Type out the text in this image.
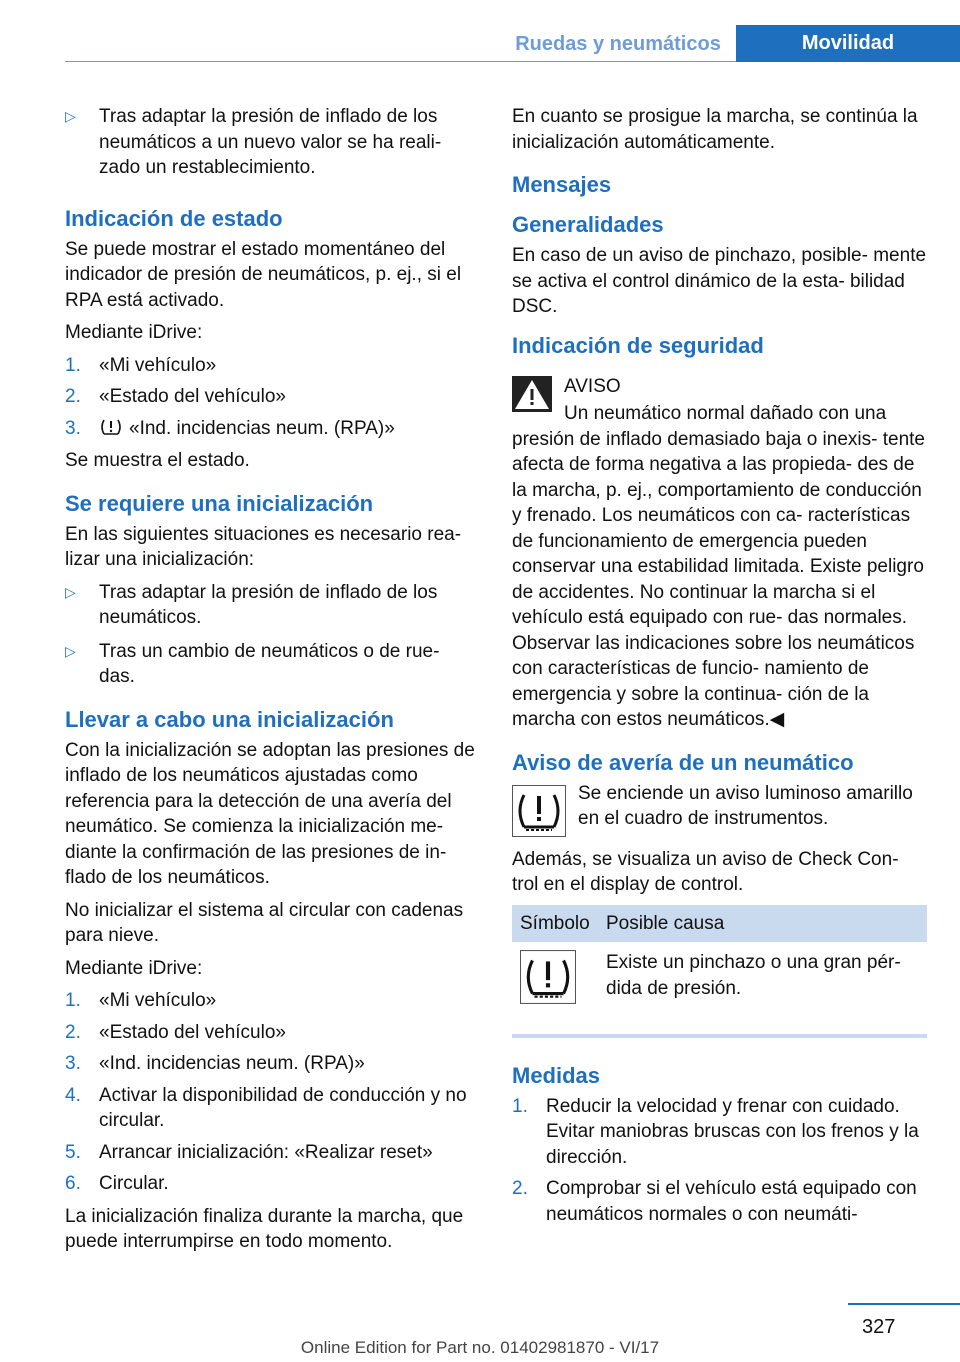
Ruedas y neumáticos	Movilidad
▷ Tras adaptar la presión de inflado de los neumáticos a un nuevo valor se ha reali‐ zado un restablecimiento.
Indicación de estado

Se puede mostrar el estado momentáneo del indicador de presión de neumáticos, p. ej., si el RPA está activado.

Mediante iDrive:

1. «Mi vehículo»
2. «Estado del vehículo»
3.	«Ind. incidencias neum. (RPA)»

Se muestra el estado.

Se requiere una inicialización

En las siguientes situaciones es necesario rea‐ lizar una inicialización:

▷ Tras adaptar la presión de inflado de los neumáticos.
▷ Tras un cambio de neumáticos o de rue‐ das.
Llevar a cabo una inicialización

Con la inicialización se adoptan las presiones de inflado de los neumáticos ajustadas como referencia para la detección de una avería del neumático. Se comienza la inicialización me‐ diante la confirmación de las presiones de in‐ flado de los neumáticos.

No inicializar el sistema al circular con cadenas para nieve.

Mediante iDrive:

1. «Mi vehículo»
2. «Estado del vehículo»
3. «Ind. incidencias neum. (RPA)»
4. Activar la disponibilidad de conducción y no circular.
5. Arrancar inicialización: «Realizar reset»
6. Circular.

La inicialización finaliza durante la marcha, que puede interrumpirse en todo momento.

En cuanto se prosigue la marcha, se continúa la inicialización automáticamente.

Mensajes
Generalidades

En caso de un aviso de pinchazo, posible‐ mente se activa el control dinámico de la esta‐ bilidad DSC.

Indicación de seguridad

AVISO

Un neumático normal dañado con una presión de inflado demasiado baja o inexis‐ tente afecta de forma negativa a las propieda‐ des de la marcha, p. ej., comportamiento de conducción y frenado. Los neumáticos con ca‐ racterísticas de funcionamiento de emergencia pueden conservar una estabilidad limitada. Existe peligro de accidentes. No continuar la marcha si el vehículo está equipado con rue‐ das normales. Observar las indicaciones sobre los neumáticos con características de funcio‐ namiento de emergencia y sobre la continua‐ ción de la marcha con estos neumáticos.◀

Aviso de avería de un neumático

Se enciende un aviso luminoso amarillo en el cuadro de instrumentos.

Además, se visualiza un aviso de Check Con‐ trol en el display de control.

Símbolo	Posible causa
	Existe un pinchazo o una gran pér‐ dida de presión.
Medidas
1. Reducir la velocidad y frenar con cuidado. Evitar maniobras bruscas con los frenos y la dirección.
2. Comprobar si el vehículo está equipado con neumáticos normales o con neumáti‐
327
Online Edition for Part no. 01402981870 - VI/17
